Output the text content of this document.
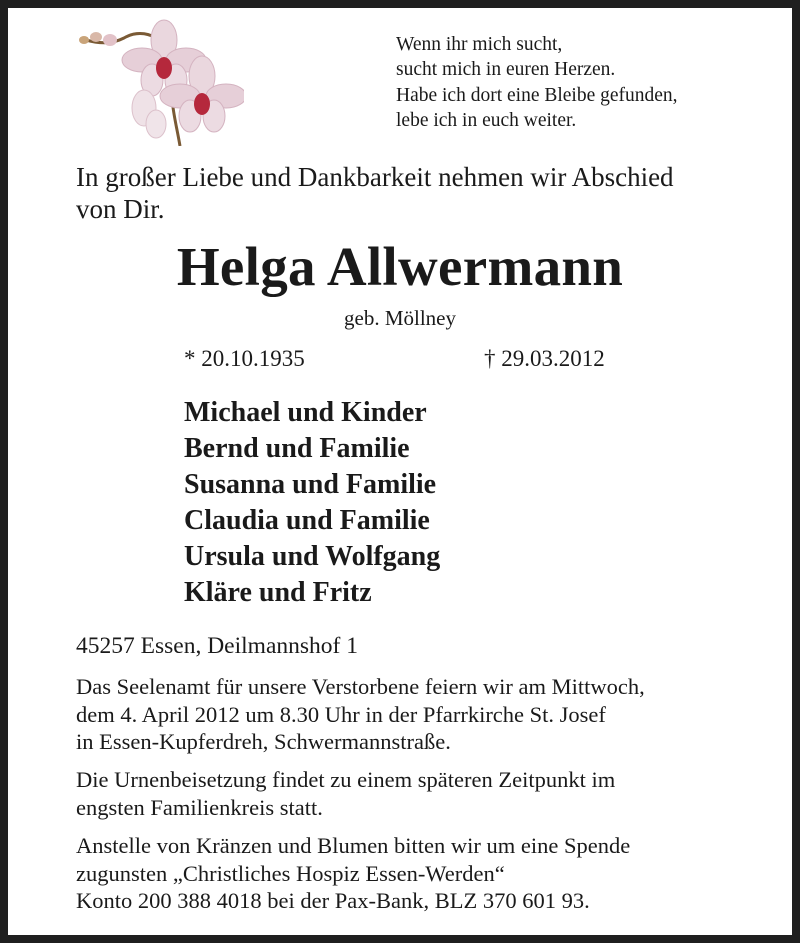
Wenn ihr mich sucht,
sucht mich in euren Herzen.
Habe ich dort eine Bleibe gefunden,
lebe ich in euch weiter.
In großer Liebe und Dankbarkeit nehmen wir Abschied
von Dir.
Helga Allwermann
geb. Möllney
* 20.10.1935	† 29.03.2012
Michael und Kinder
Bernd und Familie
Susanna und Familie
Claudia und Familie
Ursula und Wolfgang
Kläre und Fritz
45257 Essen, Deilmannshof 1
Das Seelenamt für unsere Verstorbene feiern wir am Mittwoch,
dem 4. April 2012 um 8.30 Uhr in der Pfarrkirche St. Josef
in Essen-Kupferdreh, Schwermannstraße.
Die Urnenbeisetzung findet zu einem späteren Zeitpunkt im
engsten Familienkreis statt.
Anstelle von Kränzen und Blumen bitten wir um eine Spende
zugunsten „Christliches Hospiz Essen-Werden“
Konto 200 388 4018 bei der Pax-Bank, BLZ 370 601 93.
